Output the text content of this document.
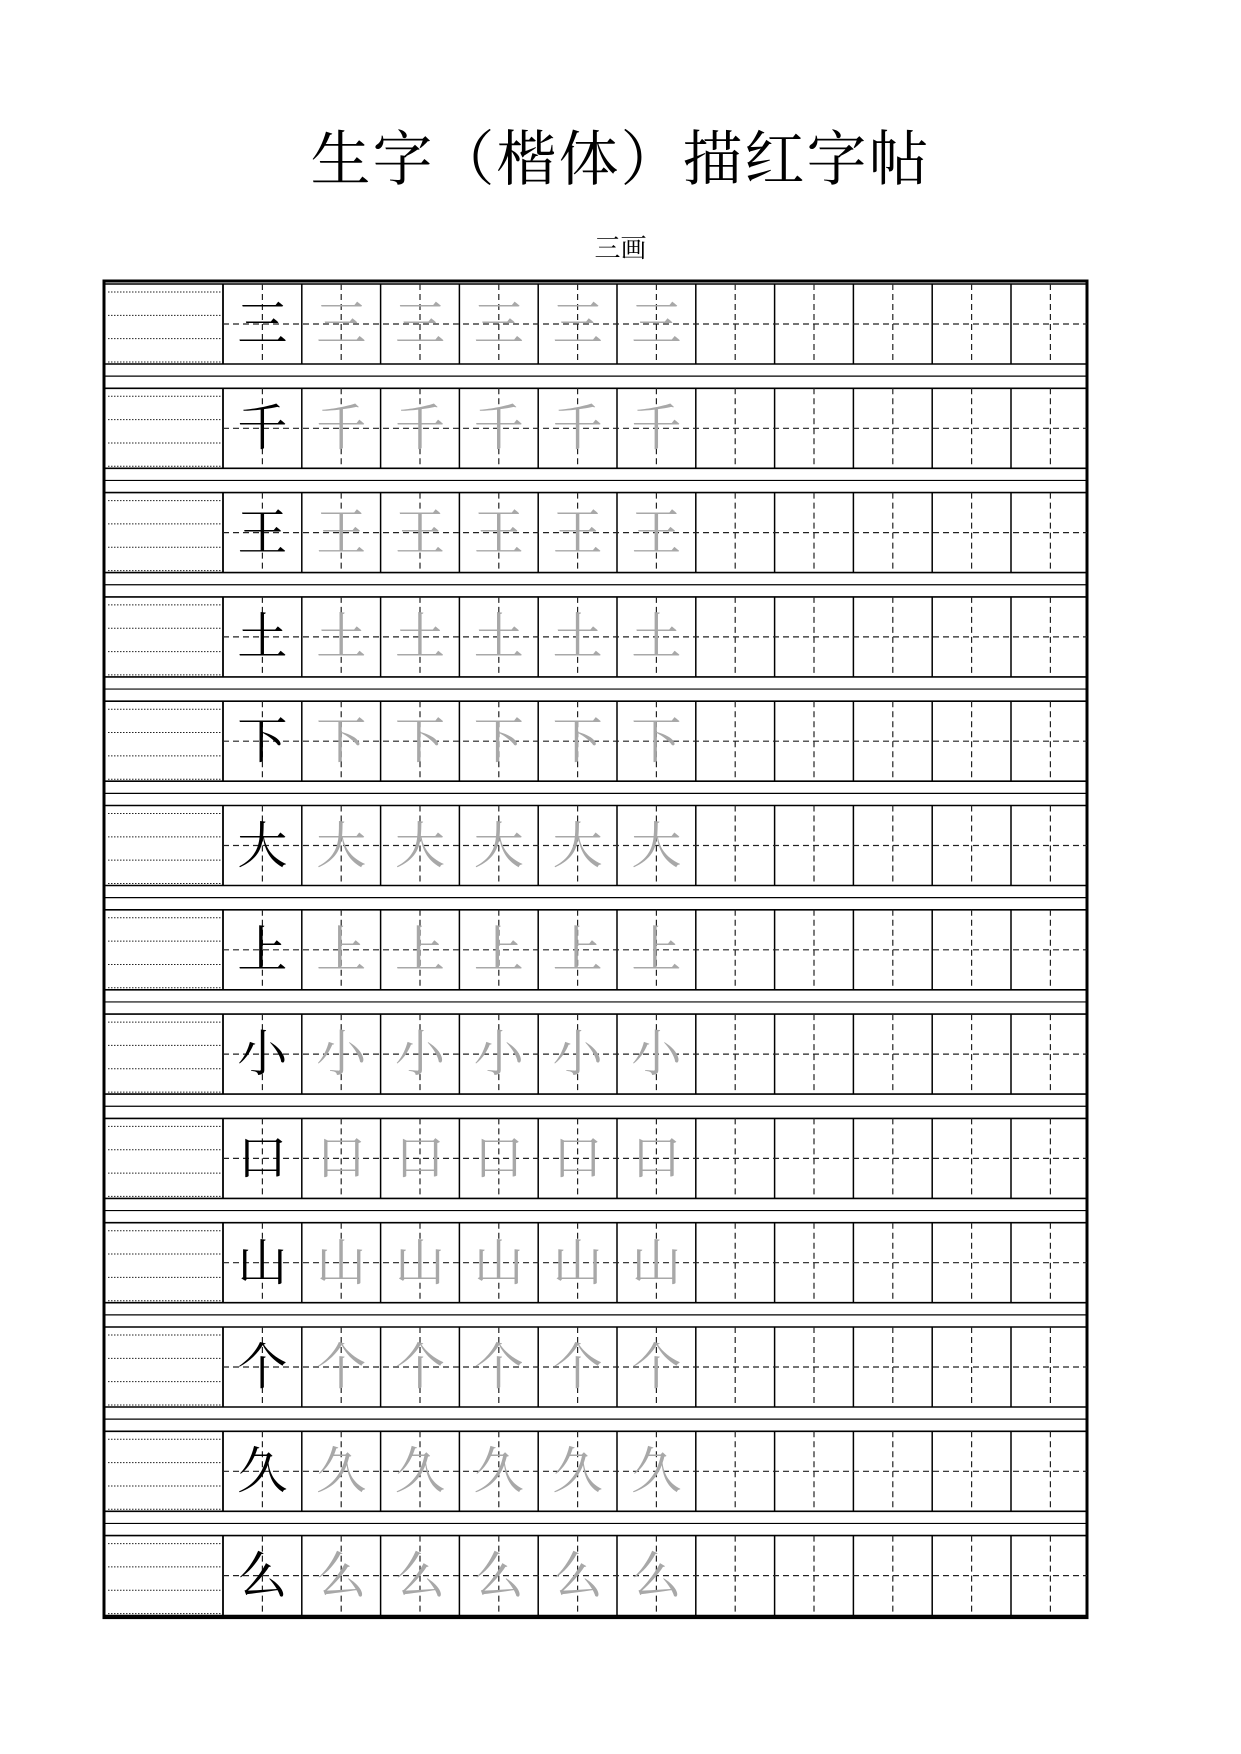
生字（楷体）描红字帖
三画
三 三 三 三 三 三
千 千 千 千 千 千
王 王 王 王 王 王
土 土 土 土 土 土
下 下 下 下 下 下
大 大 大 大 大 大
上 上 上 上 上 上
小 小 小 小 小 小
口 口 口 口 口 口
山 山 山 山 山 山
个 个 个 个 个 个
久 久 久 久 久 久
么 么 么 么 么 么
